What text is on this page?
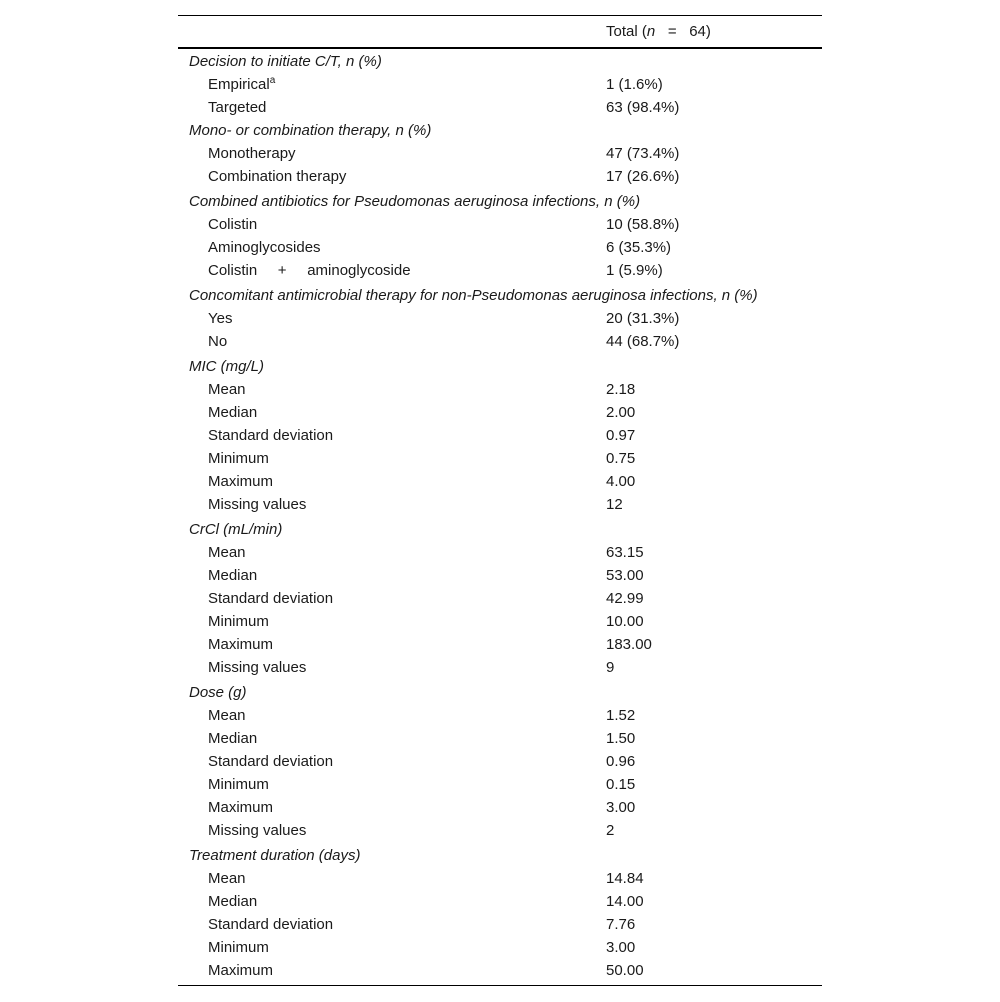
Total (n = 64)
Decision to initiate C/T, n (%)
Empirical$^a$	1 (1.6%)
Targeted	63 (98.4%)
Mono- or combination therapy, n (%)
Monotherapy	47 (73.4%)
Combination therapy	17 (26.6%)
Combined antibiotics for Pseudomonas aeruginosa infections, n (%)
Colistin	10 (58.8%)
Aminoglycosides	6 (35.3%)
Colistin + aminoglycoside	1 (5.9%)
Concomitant antimicrobial therapy for non-Pseudomonas aeruginosa infections, n (%)
Yes	20 (31.3%)
No	44 (68.7%)
MIC (mg/L)
Mean	2.18
Median	2.00
Standard deviation	0.97
Minimum	0.75
Maximum	4.00
Missing values	12
CrCl (mL/min)
Mean	63.15
Median	53.00
Standard deviation	42.99
Minimum	10.00
Maximum	183.00
Missing values	9
Dose (g)
Mean	1.52
Median	1.50
Standard deviation	0.96
Minimum	0.15
Maximum	3.00
Missing values	2
Treatment duration (days)
Mean	14.84
Median	14.00
Standard deviation	7.76
Minimum	3.00
Maximum	50.00
